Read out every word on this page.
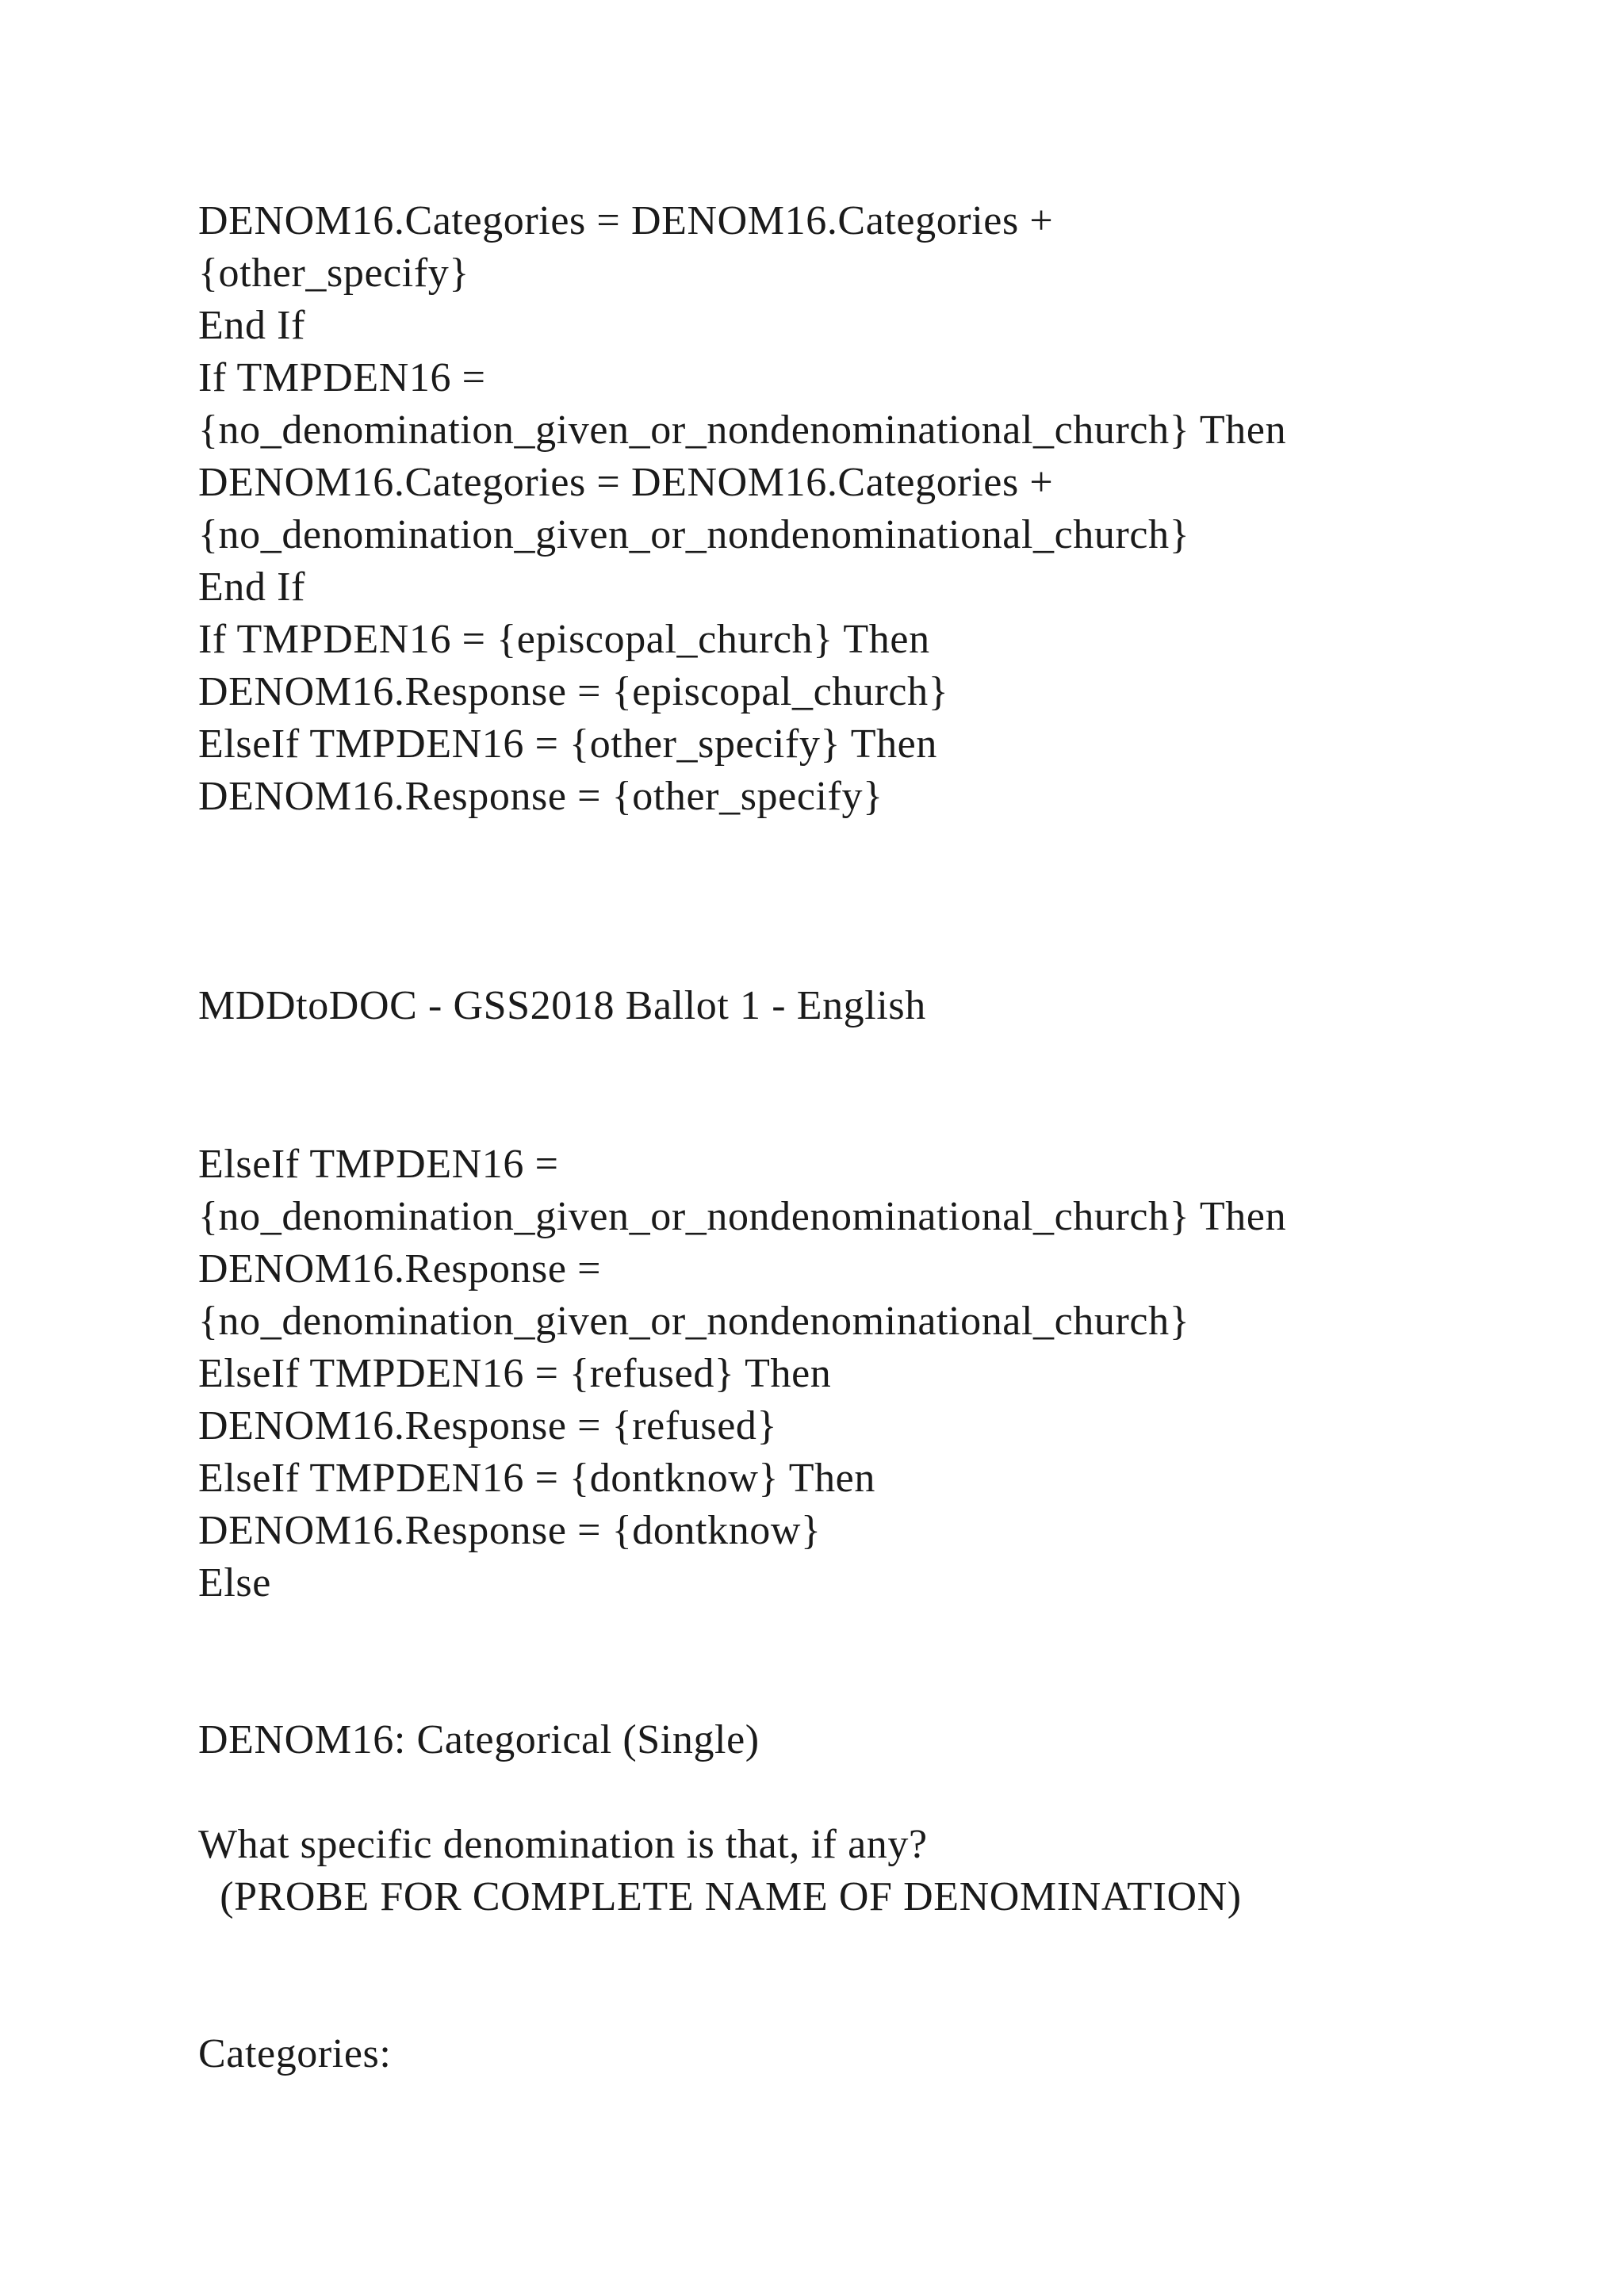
DENOM16.Categories = DENOM16.Categories +
{other_specify}
End If
If TMPDEN16 =
{no_denomination_given_or_nondenominational_church} Then
DENOM16.Categories = DENOM16.Categories +
{no_denomination_given_or_nondenominational_church}
End If
If TMPDEN16 = {episcopal_church} Then
DENOM16.Response = {episcopal_church}
ElseIf TMPDEN16 = {other_specify} Then
DENOM16.Response = {other_specify}
MDDtoDOC - GSS2018 Ballot 1 - English
ElseIf TMPDEN16 =
{no_denomination_given_or_nondenominational_church} Then
DENOM16.Response =
{no_denomination_given_or_nondenominational_church}
ElseIf TMPDEN16 = {refused} Then
DENOM16.Response = {refused}
ElseIf TMPDEN16 = {dontknow} Then
DENOM16.Response = {dontknow}
Else
DENOM16: Categorical (Single)
What specific denomination is that, if any?
(PROBE FOR COMPLETE NAME OF DENOMINATION)
Categories:
